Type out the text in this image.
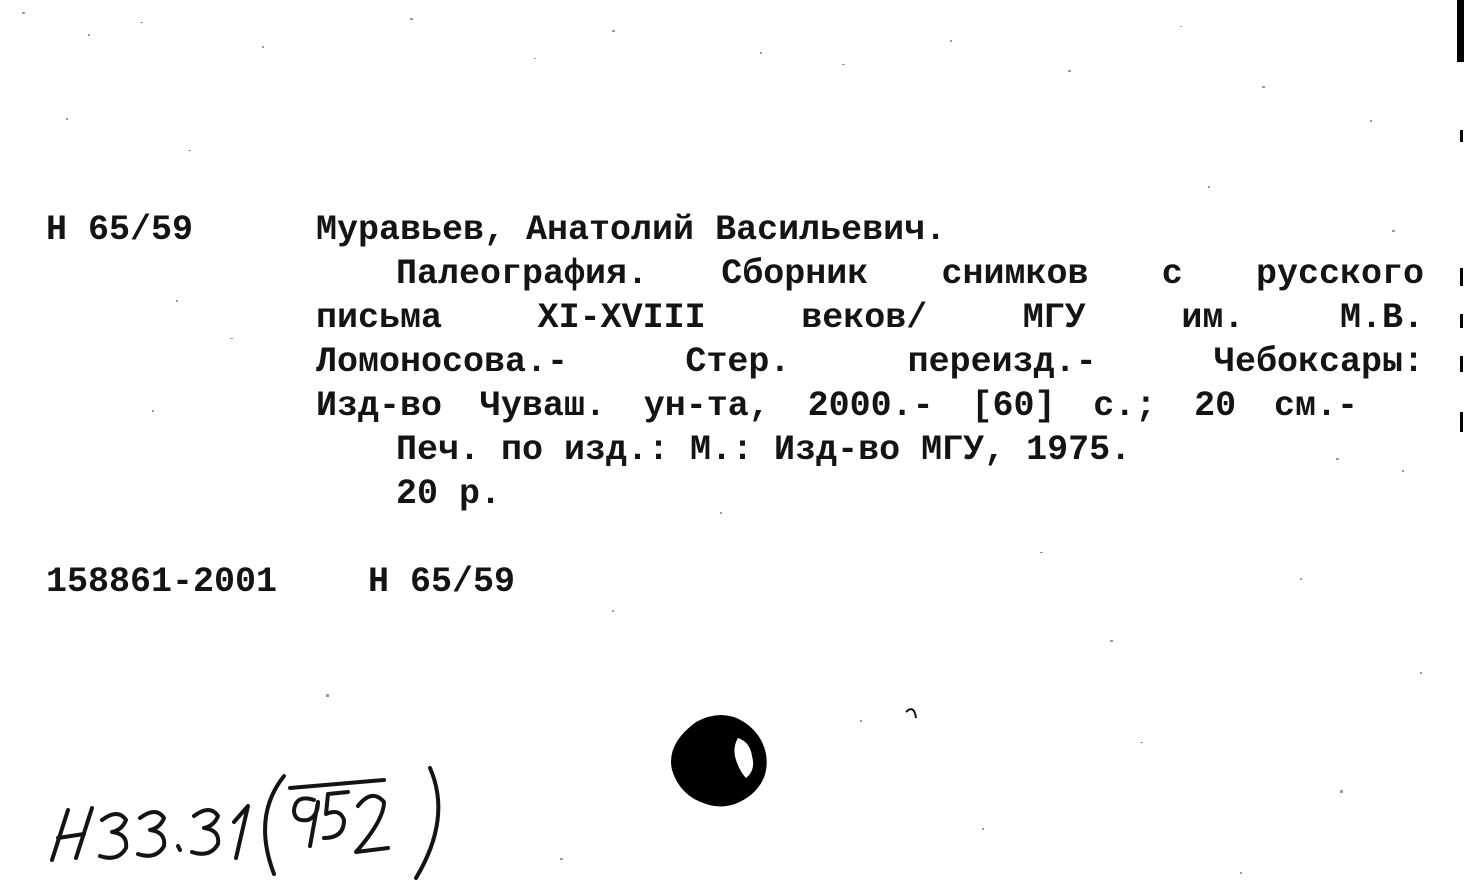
Н 65/59	Муравьев, Анатолий Васильевич.

Палеография. Сборник снимков с русского
письма	XI-XVIII	веков/	МГУ	им.	М.В.
Ломоносова.-	Стер.	переизд.-	Чебоксары:
Изд-во Чуваш. ун-та, 2000.- [60] с.; 20 см.-

Печ. по изд.: М.: Изд-во МГУ, 1975.

20 р.

158861-2001	Н 65/59
